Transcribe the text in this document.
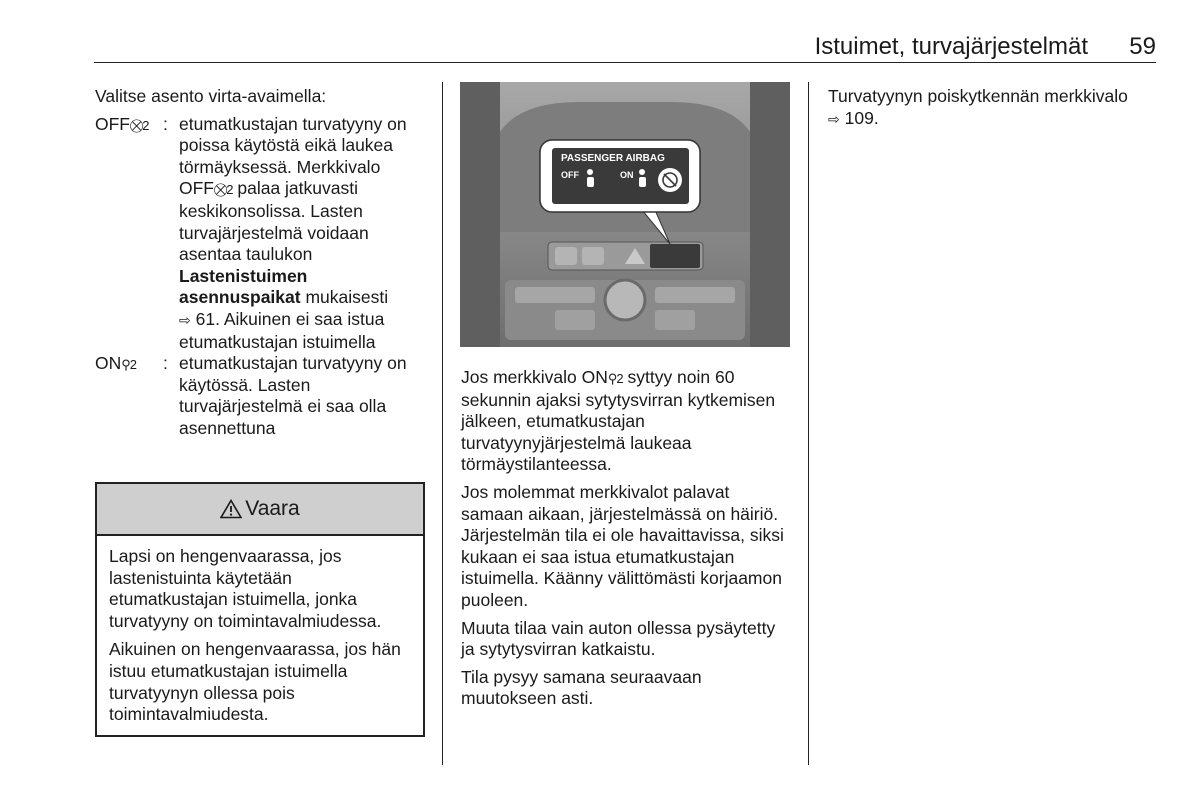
Istuimet, turvajärjestelmät 59

Valitse asento virta-avaimella:

OFF⛒2 : etumatkustajan turvatyyny on poissa käytöstä eikä laukea törmäyksessä. Merkkivalo OFF⛒2 palaa jatkuvasti keskikonsolissa. Lasten turvajärjestelmä voidaan asentaa taulukon Lastenistuimen asennuspaikat mukaisesti ⇨ 61. Aikuinen ei saa istua etumatkustajan istuimella
ON⚲2 : etumatkustajan turvatyyny on käytössä. Lasten turvajärjestelmä ei saa olla asennettuna
Vaara

Lapsi on hengenvaarassa, jos lastenistuinta käytetään etumatkustajan istuimella, jonka turvatyyny on toimintavalmiudessa.

Aikuinen on hengenvaarassa, jos hän istuu etumatkustajan istuimella turvatyynyn ollessa pois toimintavalmiudesta.

PASSENGER AIRBAG
OFF	ON

Jos merkkivalo ON⚲2 syttyy noin 60 sekunnin ajaksi sytytysvirran kytkemisen jälkeen, etumatkustajan turvatyynyjärjestelmä laukeaa törmäystilanteessa.

Jos molemmat merkkivalot palavat samaan aikaan, järjestelmässä on häiriö. Järjestelmän tila ei ole havaittavissa, siksi kukaan ei saa istua etumatkustajan istuimella. Käänny välittömästi korjaamon puoleen.

Muuta tilaa vain auton ollessa pysäytetty ja sytytysvirran katkaistu.

Tila pysyy samana seuraavaan muutokseen asti.

Turvatyynyn poiskytkennän merkkivalo ⇨ 109.
